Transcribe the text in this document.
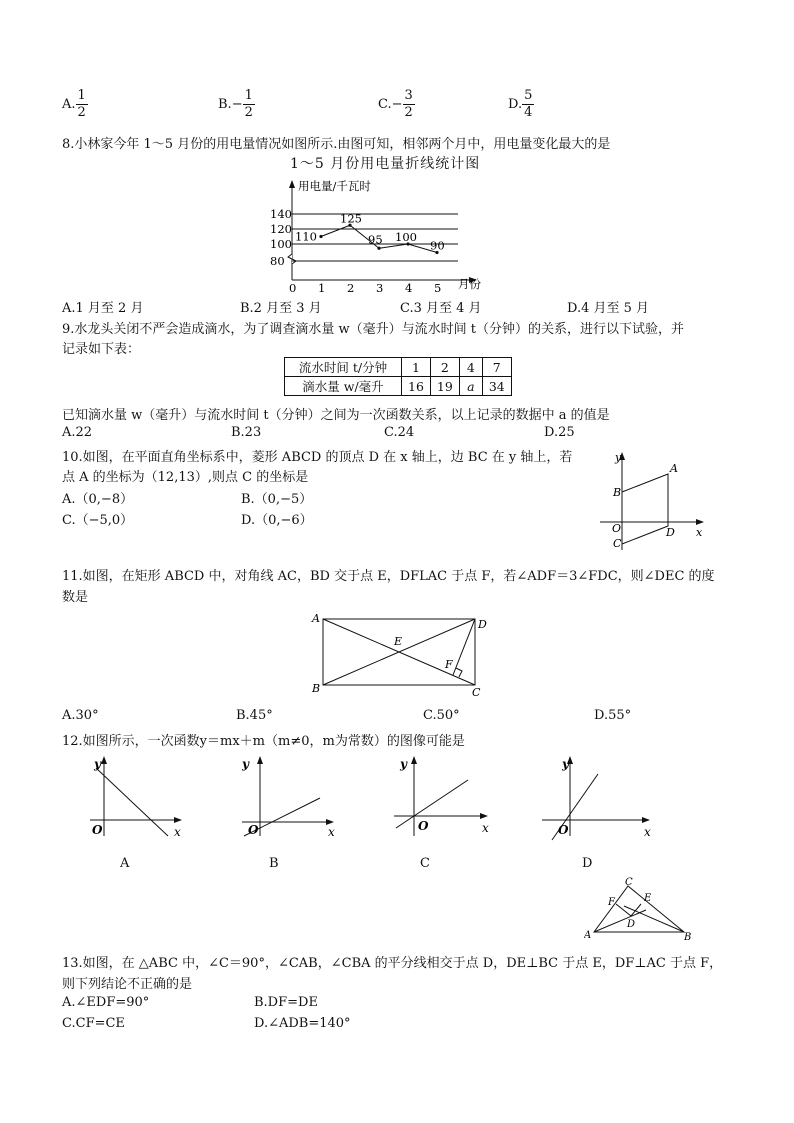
A. $\frac{1}{2}$	$B.- \frac{1}{2}$	$C.- \frac{3}{2}$	D. $\frac{5}{4}$
8.小林家今年 1～5 月份的用电量情况如图所示.由图可知，相邻两个月中，用电量变化最大的是
1～5 月份用电量折线统计图
用电量/千瓦时
月份
140
120
100
80
0 1 2 3 4 5
110
125
95 100
90
A.1 月至 2 月	B.2 月至 3 月	C.3 月至 4 月	D.4 月至 5 月
9.水龙头关闭不严会造成滴水，为了调查滴水量 w（毫升）与流水时间 t（分钟）的关系，进行以下试验，并
记录如下表：
流水时间 t/分钟	1	2	4	7
滴水量 w/毫升	16	19	a	34
已知滴水量 w（毫升）与流水时间 t（分钟）之间为一次函数关系，以上记录的数据中 a 的值是
A.22	B.23	C.24	D.25
10.如图，在平面直角坐标系中，菱形 ABCD 的顶点 D 在 x 轴上，边 BC 在 y 轴上，若
点 A 的坐标为（12,13）,则点 C 的坐标是
A.（0,−8）	B.（0,−5）
C.（−5,0）	D.（0,−6）
y
x
A
B
O
C
D
11.如图，在矩形 ABCD 中，对角线 AC，BD 交于点 E，DFLAC 于点 F，若∠ADF＝3∠FDC，则∠DEC 的度
数是
A
B	C
D
E
F
A.30°	B.45°	C.50°	D.55°
12.如图所示，一次函数y＝mx＋m（m≠0，m为常数）的图像可能是
y
x
O
A
y
x
O
B
y
x
O
C
y
x
O
D
A	B
C
D
E
F
13.如图，在 △ABC 中，∠C＝90°，∠CAB，∠CBA 的平分线相交于点 D，DE⊥BC 于点 E，DF⊥AC 于点 F，
则下列结论不正确的是
A.∠EDF=90°	B.DF=DE
C.CF=CE	D.∠ADB=140°
